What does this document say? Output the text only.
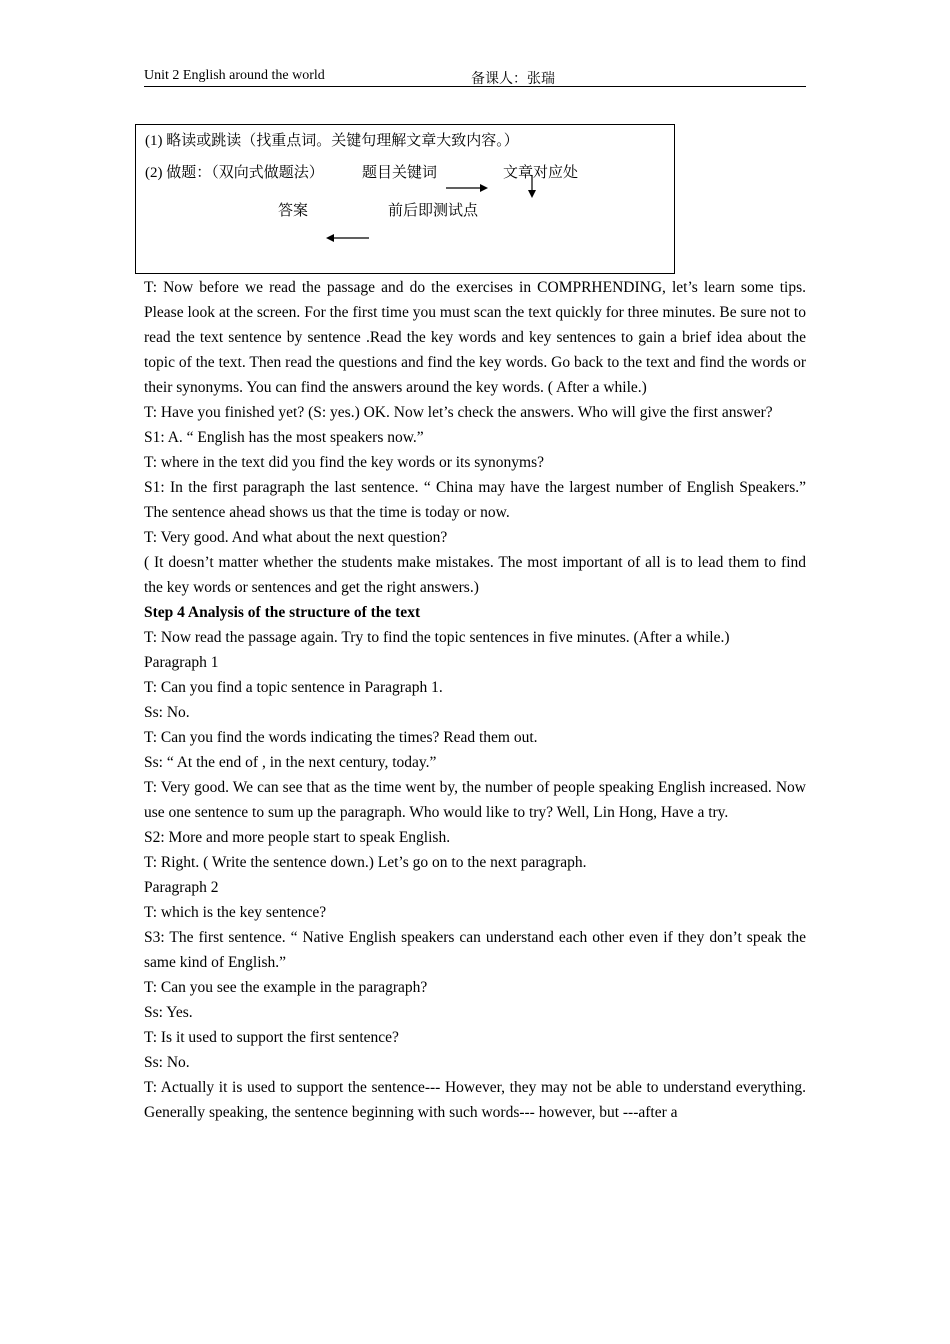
Unit 2 English around the world	备课人：张瑞
(1) 略读或跳读（找重点词。关键句理解文章大致内容。）
(2) 做题：（双向式做题法）	题目关键词	文章对应处
答案	前后即测试点

T: Now before we read the passage and do the exercises in COMPRHENDING, let’s learn some tips. Please look at the screen. For the first time you must scan the text quickly for three minutes. Be sure not to read the text sentence by sentence .Read the key words and key sentences to gain a brief idea about the topic of the text. Then read the questions and find the key words. Go back to the text and find the words or their synonyms. You can find the answers around the key words. ( After a while.)

T: Have you finished yet? (S: yes.) OK. Now let’s check the answers. Who will give the first answer?

S1: A. “ English has the most speakers now.”

T: where in the text did you find the key words or its synonyms?

S1: In the first paragraph the last sentence. “ China may have the largest number of English Speakers.” The sentence ahead shows us that the time is today or now.

T: Very good. And what about the next question?

( It doesn’t matter whether the students make mistakes. The most important of all is to lead them to find the key words or sentences and get the right answers.)

Step 4 Analysis of the structure of the text

T: Now read the passage again. Try to find the topic sentences in five minutes. (After a while.)

Paragraph 1

T: Can you find a topic sentence in Paragraph 1.

Ss: No.

T: Can you find the words indicating the times? Read them out.

Ss: “ At the end of , in the next century, today.”

T: Very good. We can see that as the time went by, the number of people speaking English increased. Now use one sentence to sum up the paragraph. Who would like to try? Well, Lin Hong, Have a try.

S2: More and more people start to speak English.

T: Right. ( Write the sentence down.) Let’s go on to the next paragraph.

Paragraph 2

T: which is the key sentence?

S3: The first sentence. “ Native English speakers can understand each other even if they don’t speak the same kind of English.”

T: Can you see the example in the paragraph?

Ss: Yes.

T: Is it used to support the first sentence?

Ss: No.

T: Actually it is used to support the sentence--- However, they may not be able to understand everything. Generally speaking, the sentence beginning with such words--- however, but ---after a
